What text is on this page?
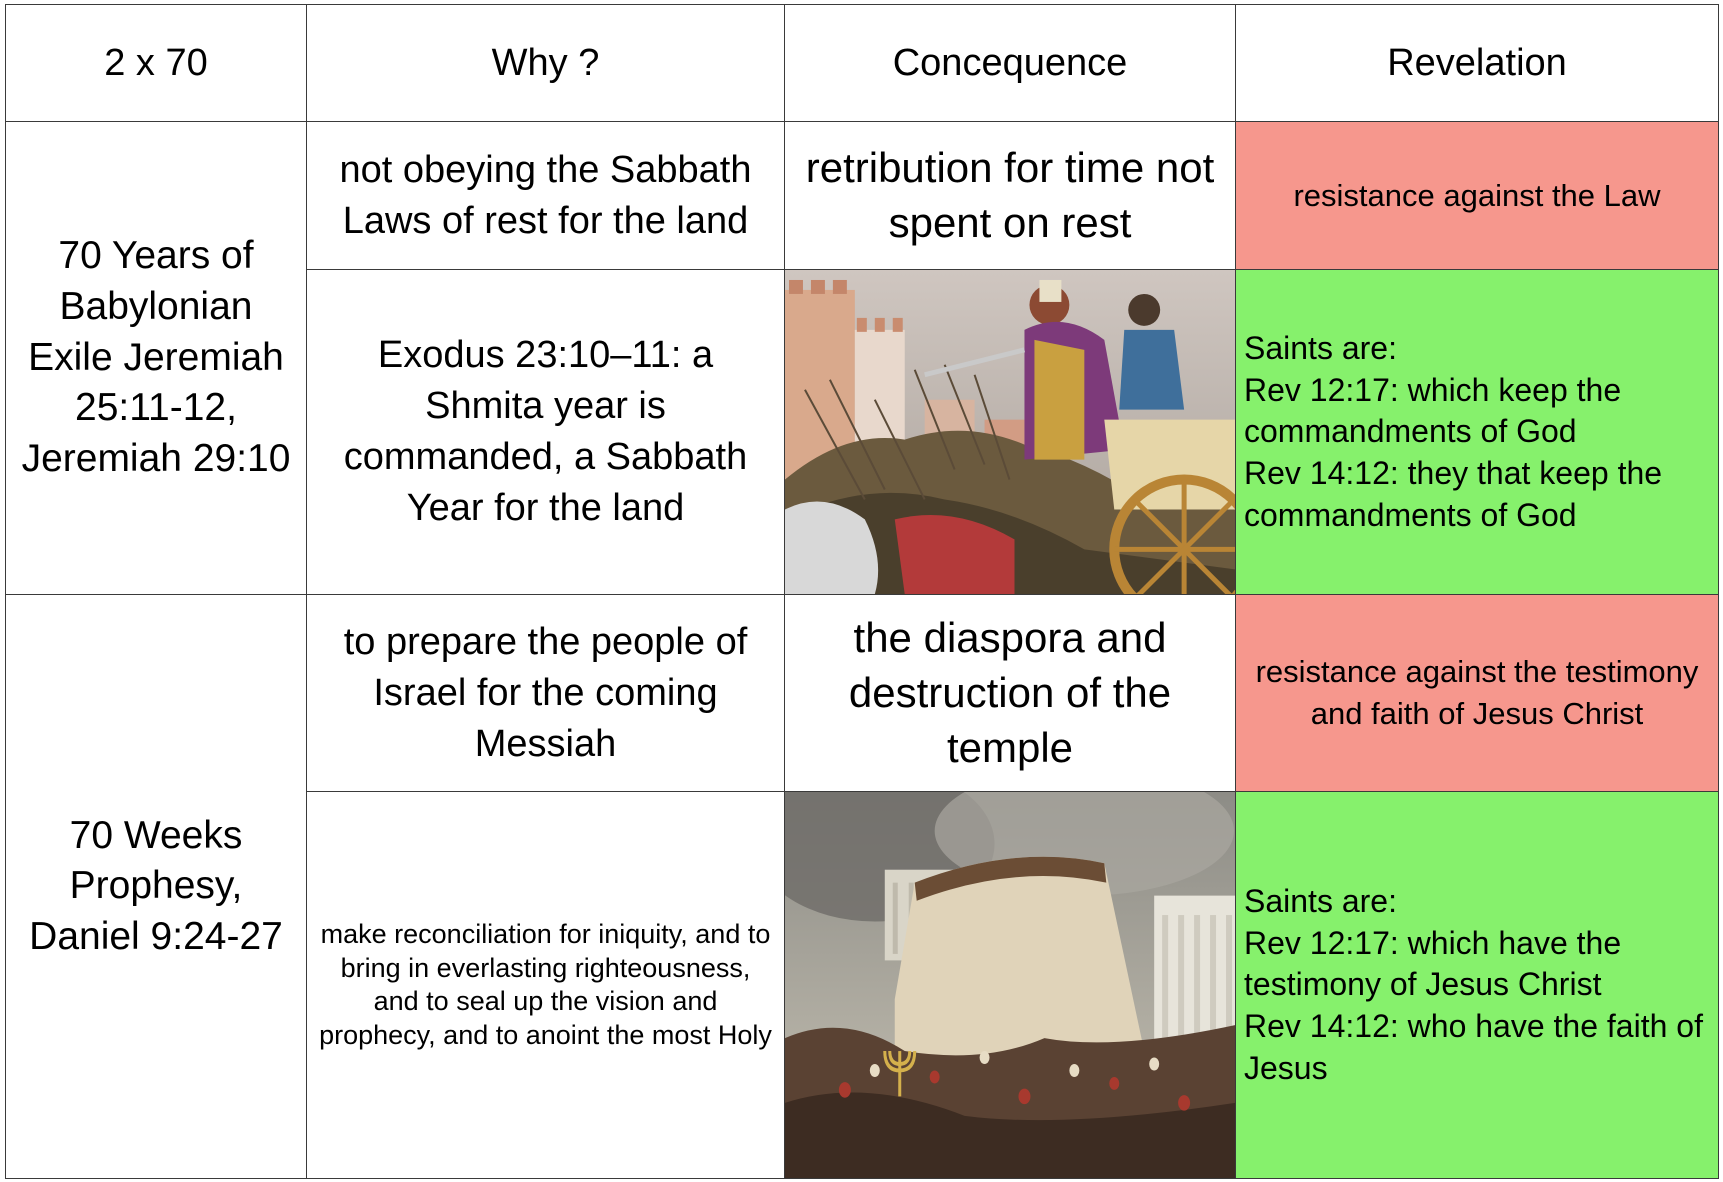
2 x 70	Why ?	Concequence	Revelation
70 Years of Babylonian Exile Jeremiah 25:11-12, Jeremiah 29:10	not obeying the Sabbath Laws of rest for the land	retribution for time not spent on rest	resistance against the Law
	Exodus 23:10–11: a Shmita year is commanded, a Sabbath Year for the land		Saints are:
Rev 12:17: which keep the commandments of God
Rev 14:12: they that keep the commandments of God

70 Weeks Prophesy, Daniel 9:24-27	to prepare the people of Israel for the coming Messiah	the diaspora and destruction of the temple	resistance against the testimony and faith of Jesus Christ
	make reconciliation for iniquity, and to bring in everlasting righteousness, and to seal up the vision and prophecy, and to anoint the most Holy		Saints are:
Rev 12:17: which have the testimony of Jesus Christ
Rev 14:12: who have the faith of Jesus
